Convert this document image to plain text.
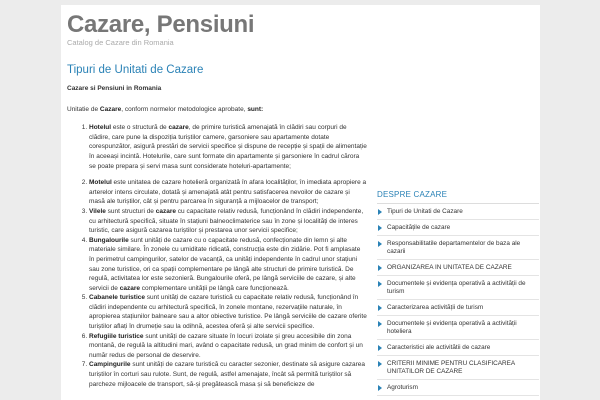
Cazare, Pensiuni
Catalog de Cazare din Romania
Tipuri de Unitati de Cazare

Cazare si Pensiuni in Romania

Unitatie de Cazare, conform normelor metodologice aprobate, sunt:

1. Hotelul este o structură de cazare, de primire turistică amenajată în clădiri sau corpuri de clădire, care pune la dispoziția turiștilor camere, garsoniere sau apartamente dotate corespunzător, asigură prestări de servicii specifice și dispune de recepție și spații de alimentație în aceeași incintă. Hotelurile, care sunt formate din apartamente și garsoniere în cadrul cărora se poate prepara și servi masa sunt considerate hoteluri-apartamente;
2. Motelul este unitatea de cazare hotelieră organizată în afara localităților, în imediata apropiere a arterelor intens circulate, dotată și amenajată atât pentru satisfacerea nevoilor de cazare și masă ale turiștilor, cât și pentru parcarea în siguranță a mijloacelor de transport;
3. Vilele sunt structuri de cazare cu capacitate relativ redusă, funcționând în clădiri independente, cu arhitectură specifică, situate în stațiuni balneoclimaterice sau în zone și localități de interes turistic, care asigură cazarea turiștilor și prestarea unor servicii specifice;
4. Bungalourile sunt unități de cazare cu o capacitate redusă, confecționate din lemn și alte materiale similare. În zonele cu umiditate ridicată, construcția este din zidărie. Pot fi amplasate în perimetrul campingurilor, satelor de vacanță, ca unități independente în cadrul unor stațiuni sau zone turistice, ori ca spații complementare pe lângă alte structuri de primire turistică. De regulă, activitatea lor este sezonieră. Bungalourile oferă, pe lângă serviciile de cazare, și alte servicii de cazare complementare unității pe lângă care funcționează.
5. Cabanele turistice sunt unități de cazare turistică cu capacitate relativ redusă, funcționând în clădiri independente cu arhitectură specifică, în zonele montane, rezervațiile naturale, în apropierea stațiunilor balneare sau a altor obiective turistice. Pe lângă serviciile de cazare oferite turiștilor aflați în drumeție sau la odihnă, acestea oferă și alte servicii specifice.
6. Refugiile turistice sunt unități de cazare situate în locuri izolate și greu accesibile din zona montană, de regulă la altitudini mari, având o capacitate redusă, un grad minim de confort și un număr redus de personal de deservire.
7. Campingurile sunt unități de cazare turistică cu caracter sezonier, destinate să asigure cazarea turiștilor în corturi sau rulote. Sunt, de regulă, astfel amenajate, încât să permită turiștilor să parcheze mijloacele de transport, să-și pregătească masa și să beneficieze de
DESPRE CAZARE
Tipuri de Unitati de Cazare
Capacitățile de cazare
Responsabilitatile departamentelor de baza ale cazarii
ORGANIZAREA IN UNITATEA DE CAZARE
Documentele și evidența operativă a activității de turism
Caracterizarea activității de turism
Documentele și evidența operativă a activității hoteliera
Caracteristici ale activitătii de cazare
CRITERII MINIME PENTRU CLASIFICAREA UNITATILOR DE CAZARE
Agroturism
